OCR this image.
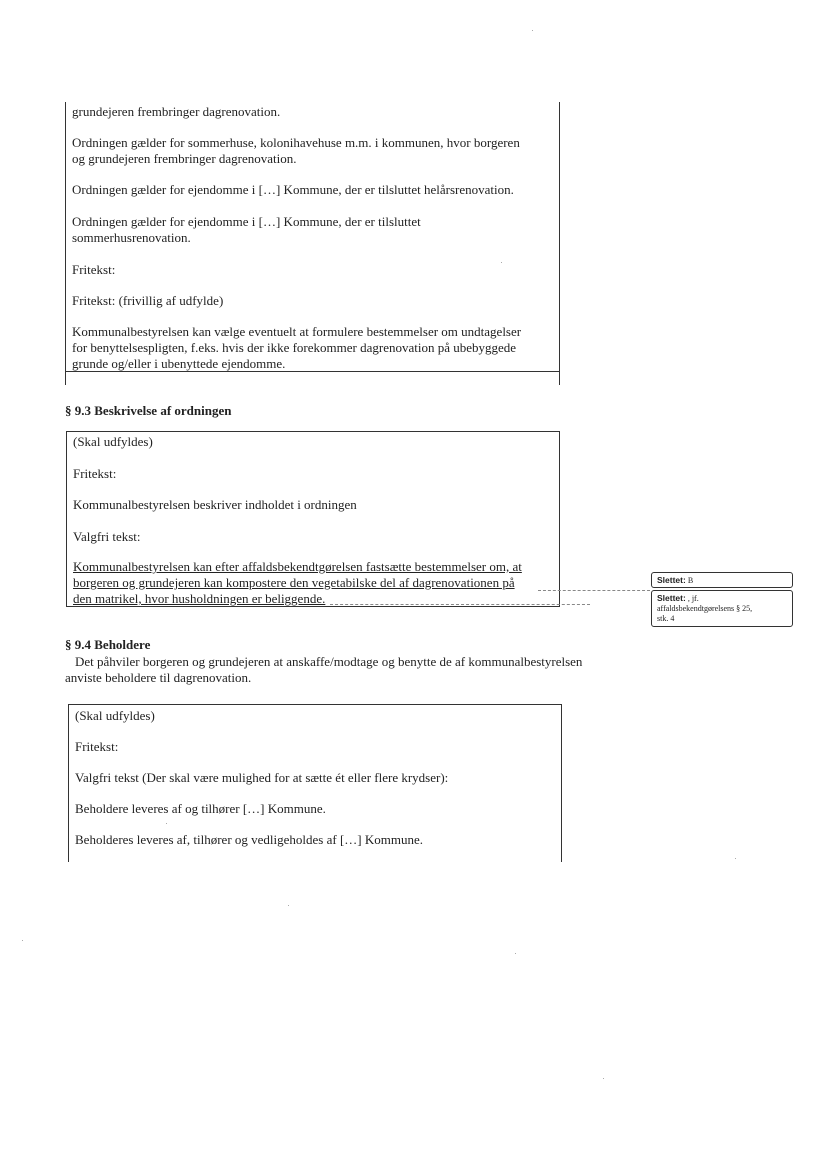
grundejeren frembringer dagrenovation.
Ordningen gælder for sommerhuse, kolonihavehuse m.m. i kommunen, hvor borgeren
og grundejeren frembringer dagrenovation.
Ordningen gælder for ejendomme i […] Kommune, der er tilsluttet helårsrenovation.
Ordningen gælder for ejendomme i […] Kommune, der er tilsluttet
sommerhusrenovation.
Fritekst:
Fritekst: (frivillig af udfylde)
Kommunalbestyrelsen kan vælge eventuelt at formulere bestemmelser om undtagelser
for benyttelsespligten, f.eks. hvis der ikke forekommer dagrenovation på ubebyggede
grunde og/eller i ubenyttede ejendomme.
§ 9.3 Beskrivelse af ordningen
(Skal udfyldes)
Fritekst:
Kommunalbestyrelsen beskriver indholdet i ordningen
Valgfri tekst:
Kommunalbestyrelsen kan efter affaldsbekendtgørelsen fastsætte bestemmelser om, at
borgeren og grundejeren kan kompostere den vegetabilske del af dagrenovationen på
den matrikel, hvor husholdningen er beliggende.
Slettet: B
Slettet: , jf.
affaldsbekendtgørelsens § 25,
stk. 4
§ 9.4 Beholdere
Det påhviler borgeren og grundejeren at anskaffe/modtage og benytte de af kommunalbestyrelsen
anviste beholdere til dagrenovation.
(Skal udfyldes)
Fritekst:
Valgfri tekst (Der skal være mulighed for at sætte ét eller flere krydser):
Beholdere leveres af og tilhører […] Kommune.
Beholderes leveres af, tilhører og vedligeholdes af […] Kommune.
